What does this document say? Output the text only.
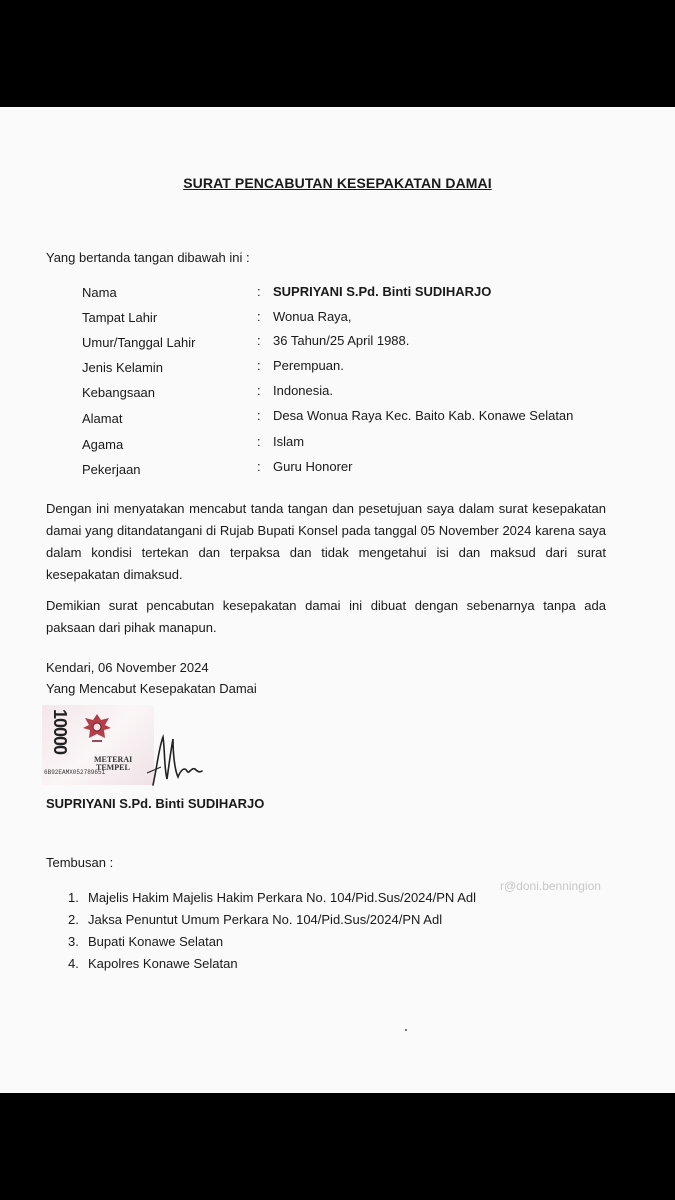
SURAT PENCABUTAN KESEPAKATAN DAMAI
Yang bertanda tangan dibawah ini :
Nama	: SUPRIYANI S.Pd. Binti SUDIHARJO
Tampat Lahir	: Wonua Raya,
Umur/Tanggal Lahir	: 36 Tahun/25 April 1988.
Jenis Kelamin	: Perempuan.
Kebangsaan	: Indonesia.
Alamat	: Desa Wonua Raya Kec. Baito Kab. Konawe Selatan
Agama	: Islam
Pekerjaan	: Guru Honorer
Dengan ini menyatakan mencabut tanda tangan dan pesetujuan saya dalam surat kesepakatan damai yang ditandatangani di Rujab Bupati Konsel pada tanggal 05 November 2024 karena saya dalam kondisi tertekan dan terpaksa dan tidak mengetahui isi dan maksud dari surat kesepakatan dimaksud.
Demikian surat pencabutan kesepakatan damai ini dibuat dengan sebenarnya tanpa ada paksaan dari pihak manapun.
Kendari, 06 November 2024
Yang Mencabut Kesepakatan Damai
10000
METERAI
TEMPEL
6B92EAMX052789651
SUPRIYANI S.Pd. Binti SUDIHARJO
Tembusan :
1. Majelis Hakim Majelis Hakim Perkara No. 104/Pid.Sus/2024/PN Adl
2. Jaksa Penuntut Umum Perkara No. 104/Pid.Sus/2024/PN Adl
3. Bupati Konawe Selatan
4. Kapolres Konawe Selatan
r@doni.benningion
